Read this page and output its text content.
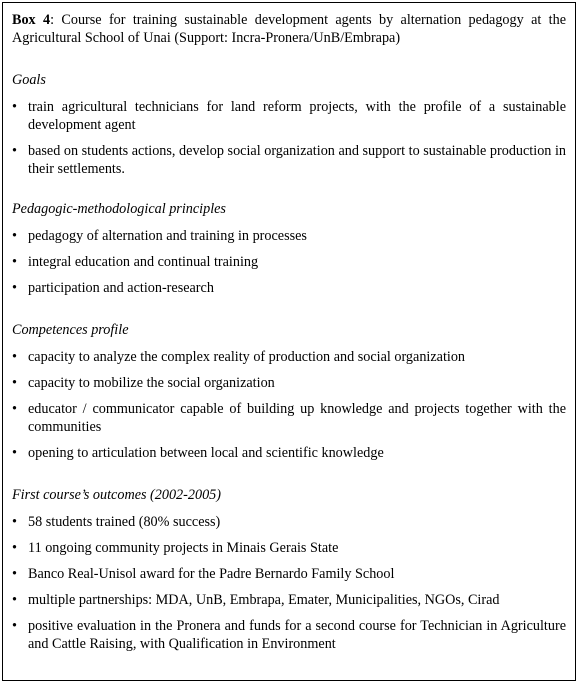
Box 4: Course for training sustainable development agents by alternation pedagogy at the Agricultural School of Unai (Support: Incra-Pronera/UnB/Embrapa)

Goals

• train agricultural technicians for land reform projects, with the profile of a sustainable development agent
• based on students actions, develop social organization and support to sustainable production in their settlements.

Pedagogic-methodological principles

• pedagogy of alternation and training in processes
• integral education and continual training
• participation and action-research

Competences profile

• capacity to analyze the complex reality of production and social organization
• capacity to mobilize the social organization
• educator / communicator capable of building up knowledge and projects together with the communities
• opening to articulation between local and scientific knowledge

First course’s outcomes (2002-2005)

• 58 students trained (80% success)
• 11 ongoing community projects in Minais Gerais State
• Banco Real-Unisol award for the Padre Bernardo Family School
• multiple partnerships: MDA, UnB, Embrapa, Emater, Municipalities, NGOs, Cirad
• positive evaluation in the Pronera and funds for a second course for Technician in Agriculture and Cattle Raising, with Qualification in Environment
